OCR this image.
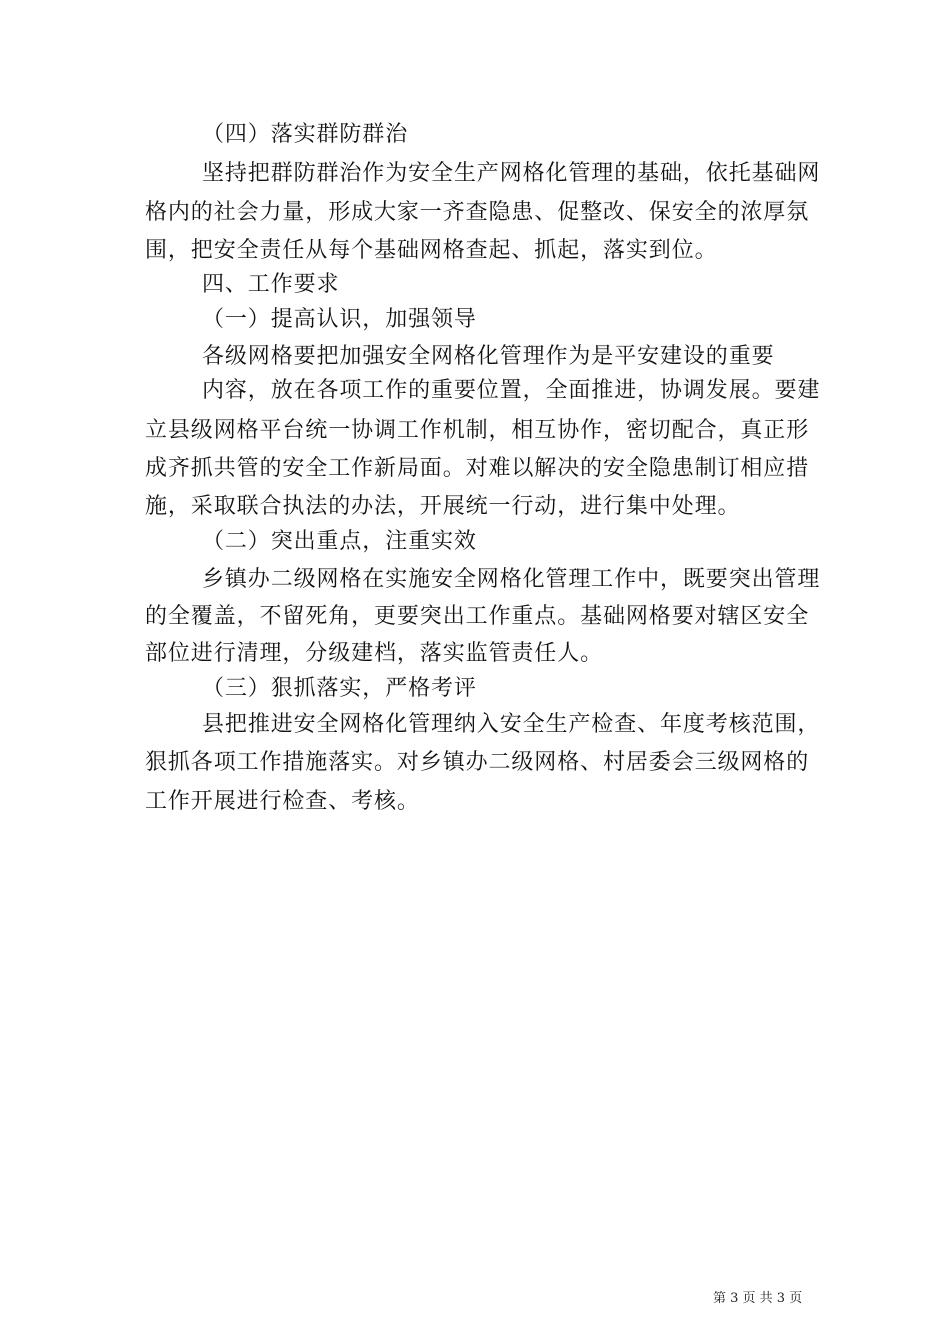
（四）落实群防群治
坚持把群防群治作为安全生产网格化管理的基础，依托基础网
格内的社会力量，形成大家一齐查隐患、促整改、保安全的浓厚氛
围，把安全责任从每个基础网格查起、抓起，落实到位。
四、工作要求
（一）提高认识，加强领导
各级网格要把加强安全网格化管理作为是平安建设的重要
内容，放在各项工作的重要位置，全面推进，协调发展。要建
立县级网格平台统一协调工作机制，相互协作，密切配合，真正形
成齐抓共管的安全工作新局面。对难以解决的安全隐患制订相应措
施，采取联合执法的办法，开展统一行动，进行集中处理。
（二）突出重点，注重实效
乡镇办二级网格在实施安全网格化管理工作中，既要突出管理
的全覆盖，不留死角，更要突出工作重点。基础网格要对辖区安全
部位进行清理，分级建档，落实监管责任人。
（三）狠抓落实，严格考评
县把推进安全网格化管理纳入安全生产检查、年度考核范围，
狠抓各项工作措施落实。对乡镇办二级网格、村居委会三级网格的
工作开展进行检查、考核。
第 3 页 共 3 页
